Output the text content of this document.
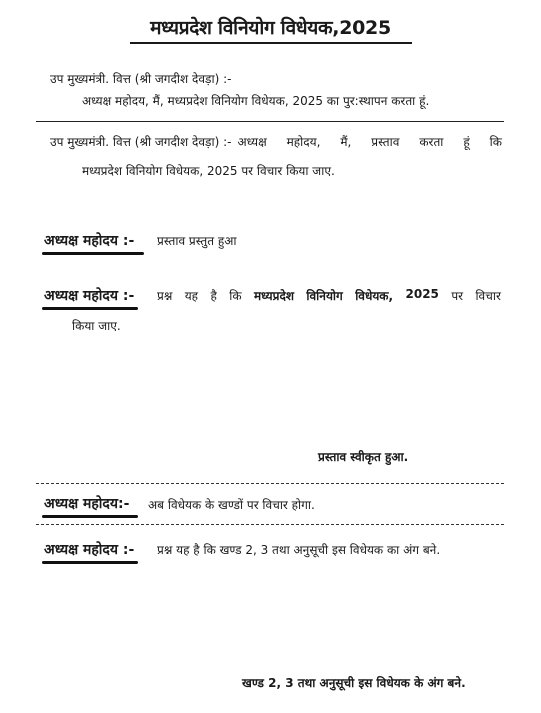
मध्यप्रदेश विनियोग विधेयक,2025
उप मुख्यमंत्री. वित्त (श्री जगदीश देवड़ा) :-
अध्यक्ष महोदय, मैं, मध्यप्रदेश विनियोग विधेयक, 2025 का पुर:स्थापन करता हूं.
उप मुख्यमंत्री. वित्त (श्री जगदीश देवड़ा) :- अध्यक्ष महोदय, मैं, प्रस्ताव करता हूं कि
मध्यप्रदेश विनियोग विधेयक, 2025 पर विचार किया जाए.
अध्यक्ष महोदय :- प्रस्ताव प्रस्तुत हुआ
अध्यक्ष महोदय :- प्रश्न यह है कि मध्यप्रदेश विनियोग विधेयक, 2025 पर विचार
किया जाए.
प्रस्ताव स्वीकृत हुआ.
अध्यक्ष महोदय:- अब विधेयक के खण्डों पर विचार होगा.
अध्यक्ष महोदय :- प्रश्न यह है कि खण्ड 2, 3 तथा अनुसूची इस विधेयक का अंग बने.
खण्ड 2, 3 तथा अनुसूची इस विधेयक के अंग बने.
